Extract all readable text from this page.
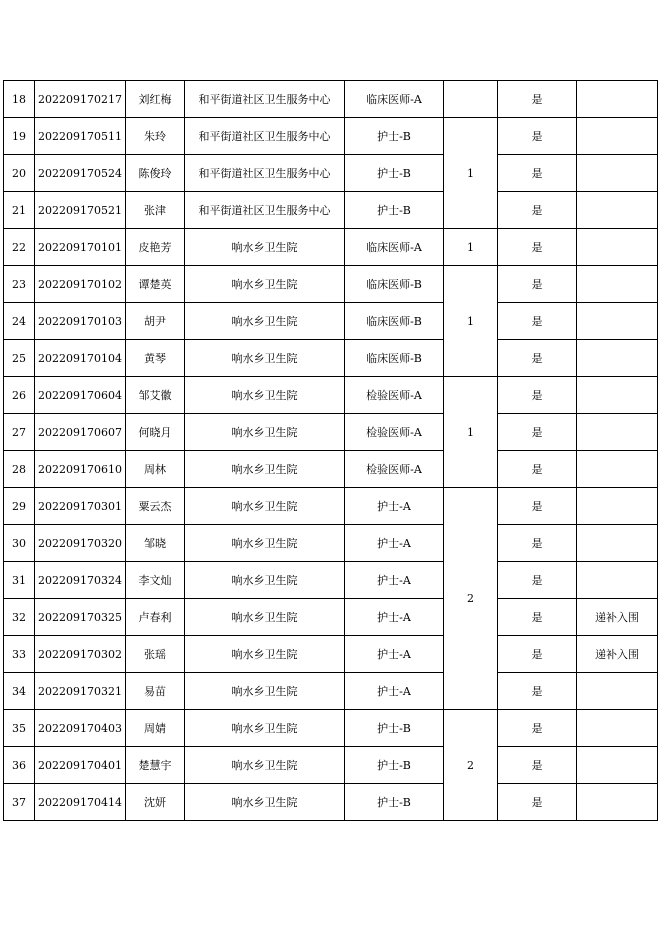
18	202209170217	刘红梅	和平街道社区卫生服务中心	临床医师-A		是	
19	202209170511	朱玲	和平街道社区卫生服务中心	护士-B	1	是	
20	202209170524	陈俊玲	和平街道社区卫生服务中心	护士-B		是	
21	202209170521	张津	和平街道社区卫生服务中心	护士-B		是	
22	202209170101	皮艳芳	响水乡卫生院	临床医师-A	1	是	
23	202209170102	谭楚英	响水乡卫生院	临床医师-B	1	是	
24	202209170103	胡尹	响水乡卫生院	临床医师-B		是	
25	202209170104	黄琴	响水乡卫生院	临床医师-B		是	
26	202209170604	邹艾徽	响水乡卫生院	检验医师-A	1	是	
27	202209170607	何晓月	响水乡卫生院	检验医师-A		是	
28	202209170610	周林	响水乡卫生院	检验医师-A		是	
29	202209170301	粟云杰	响水乡卫生院	护士-A	2	是	
30	202209170320	邹晓	响水乡卫生院	护士-A		是	
31	202209170324	李文灿	响水乡卫生院	护士-A		是	
32	202209170325	卢春利	响水乡卫生院	护士-A		是	递补入围
33	202209170302	张瑶	响水乡卫生院	护士-A		是	递补入围
34	202209170321	易苗	响水乡卫生院	护士-A		是	
35	202209170403	周婧	响水乡卫生院	护士-B	2	是	
36	202209170401	楚慧宇	响水乡卫生院	护士-B		是	
37	202209170414	沈妍	响水乡卫生院	护士-B		是	
